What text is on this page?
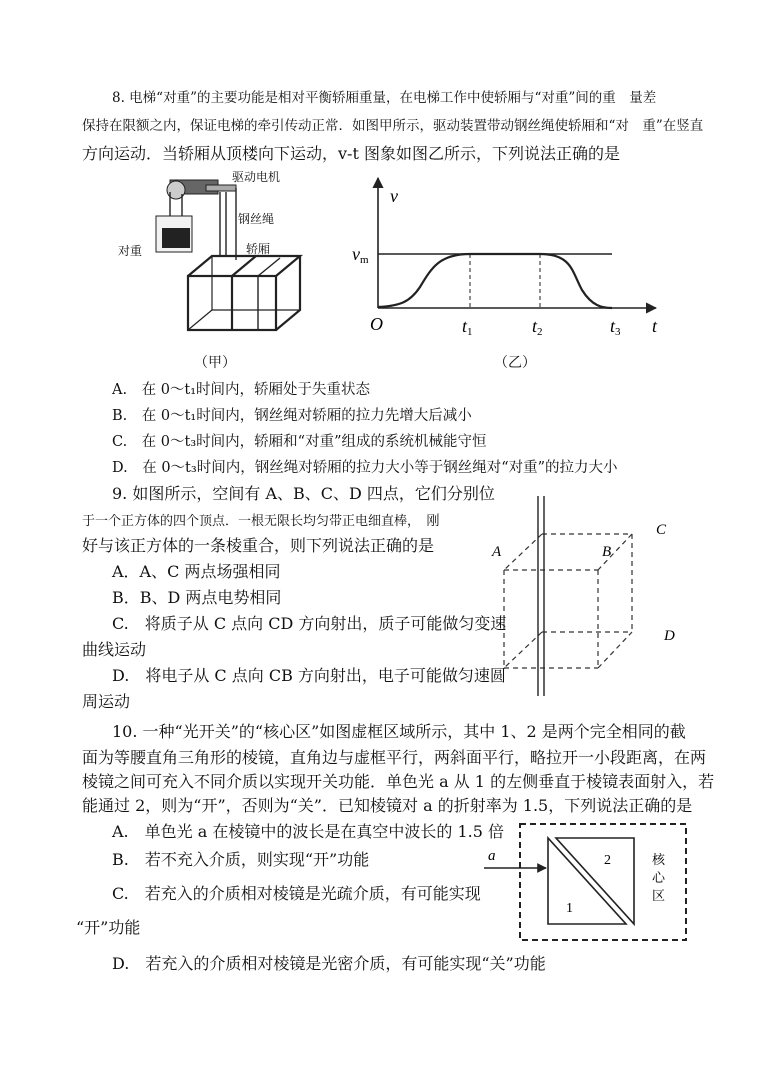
8. 电梯“对重”的主要功能是相对平衡轿厢重量，在电梯工作中使轿厢与“对重”间的重　量差
保持在限额之内，保证电梯的牵引传动正常．如图甲所示，驱动装置带动钢丝绳使轿厢和“对　重”在竖直
方向运动．当轿厢从顶楼向下运动，v-t 图象如图乙所示，下列说法正确的是
驱动电机
钢丝绳
对重	轿厢
（甲）
v
vm
O	t1	t2	t3 t
（乙）
A.　在 0～t₁时间内，轿厢处于失重状态
B.　在 0～t₁时间内，钢丝绳对轿厢的拉力先增大后减小
C.　在 0～t₃时间内，轿厢和“对重”组成的系统机械能守恒
D.　在 0～t₃时间内，钢丝绳对轿厢的拉力大小等于钢丝绳对“对重”的拉力大小
9. 如图所示，空间有 A、B、C、D 四点，它们分别位
于一个正方体的四个顶点．一根无限长均匀带正电细直棒，　刚
好与该正方体的一条棱重合，则下列说法正确的是
A．A、C 两点场强相同
B．B、D 两点电势相同
C.　将质子从 C 点向 CD 方向射出，质子可能做匀变速
曲线运动
D.　将电子从 C 点向 CB 方向射出，电子可能做匀速圆
周运动
A	B
C
D
10. 一种“光开关”的“核心区”如图虚框区域所示，其中 1、2 是两个完全相同的截
面为等腰直角三角形的棱镜，直角边与虚框平行，两斜面平行，略拉开一小段距离，在两
棱镜之间可充入不同介质以实现开关功能．单色光 a 从 1 的左侧垂直于棱镜表面射入，若
能通过 2，则为“开”，否则为“关”．已知棱镜对 a 的折射率为 1.5，下列说法正确的是
A.　单色光 a 在棱镜中的波长是在真空中波长的 1.5 倍
B.　若不充入介质，则实现“开”功能
C.　若充入的介质相对棱镜是光疏介质，有可能实现
“开”功能
D.　若充入的介质相对棱镜是光密介质，有可能实现“关”功能
a
1
2	核
心
区
